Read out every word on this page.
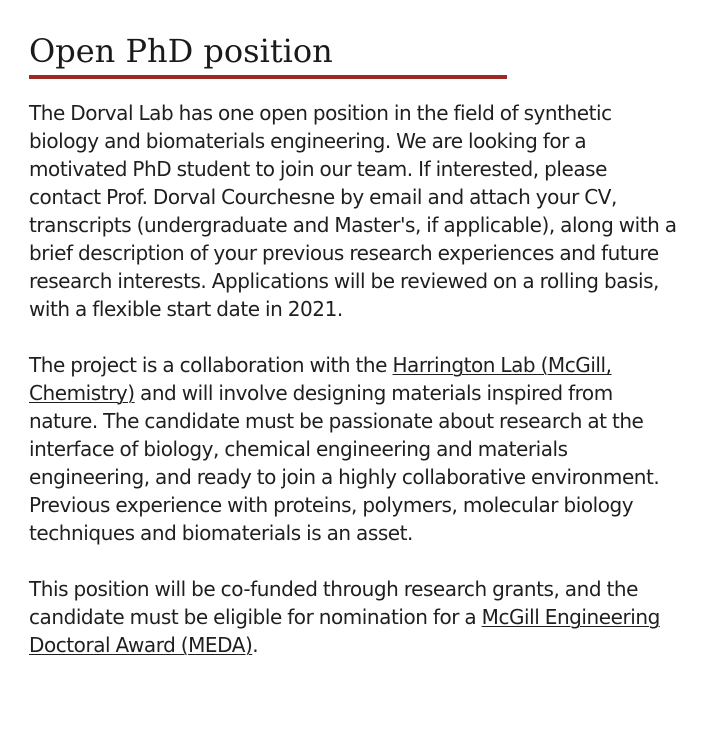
Open PhD position

The Dorval Lab has one open position in the field of synthetic biology and biomaterials engineering. We are looking for a motivated PhD student to join our team. If interested, please contact Prof. Dorval Courchesne by email and attach your CV, transcripts (undergraduate and Master's, if applicable), along with a brief description of your previous research experiences and future research interests. Applications will be reviewed on a rolling basis, with a flexible start date in 2021.

The project is a collaboration with the Harrington Lab (McGill, Chemistry) and will involve designing materials inspired from nature. The candidate must be passionate about research at the interface of biology, chemical engineering and materials engineering, and ready to join a highly collaborative environment. Previous experience with proteins, polymers, molecular biology techniques and biomaterials is an asset.

This position will be co-funded through research grants, and the candidate must be eligible for nomination for a McGill Engineering Doctoral Award (MEDA).
